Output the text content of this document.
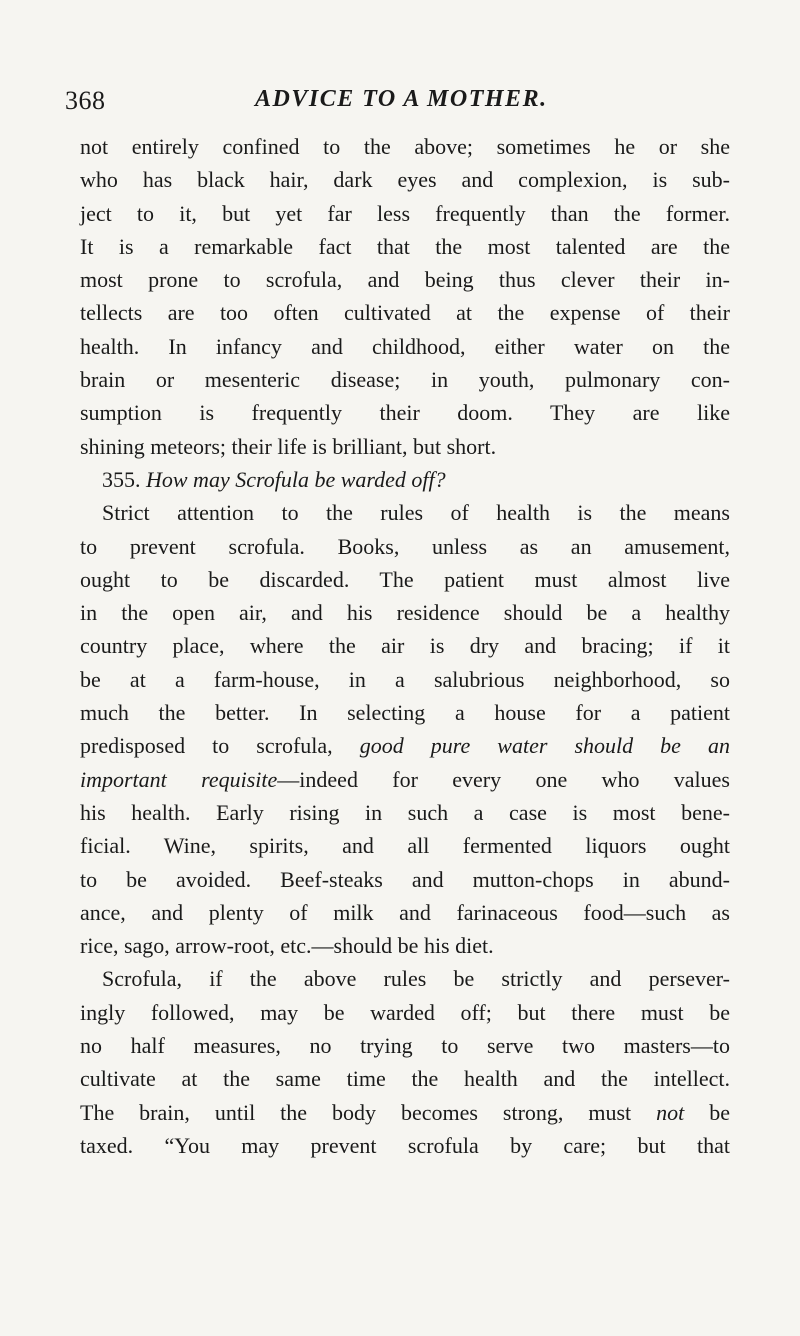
368	ADVICE TO A MOTHER.
not entirely confined to the above; sometimes he or she
who has black hair, dark eyes and complexion, is sub-
ject to it, but yet far less frequently than the former.
It is a remarkable fact that the most talented are the
most prone to scrofula, and being thus clever their in-
tellects are too often cultivated at the expense of their
health. In infancy and childhood, either water on the
brain or mesenteric disease; in youth, pulmonary con-
sumption is frequently their doom. They are like
shining meteors; their life is brilliant, but short.
355. How may Scrofula be warded off?
Strict attention to the rules of health is the means
to prevent scrofula. Books, unless as an amusement,
ought to be discarded. The patient must almost live
in the open air, and his residence should be a healthy
country place, where the air is dry and bracing; if it
be at a farm-house, in a salubrious neighborhood, so
much the better. In selecting a house for a patient
predisposed to scrofula, good pure water should be an
important requisite—indeed for every one who values
his health. Early rising in such a case is most bene-
ficial. Wine, spirits, and all fermented liquors ought
to be avoided. Beef-steaks and mutton-chops in abund-
ance, and plenty of milk and farinaceous food—such as
rice, sago, arrow-root, etc.—should be his diet.
Scrofula, if the above rules be strictly and persever-
ingly followed, may be warded off; but there must be
no half measures, no trying to serve two masters—to
cultivate at the same time the health and the intellect.
The brain, until the body becomes strong, must not be
taxed. “You may prevent scrofula by care; but that
